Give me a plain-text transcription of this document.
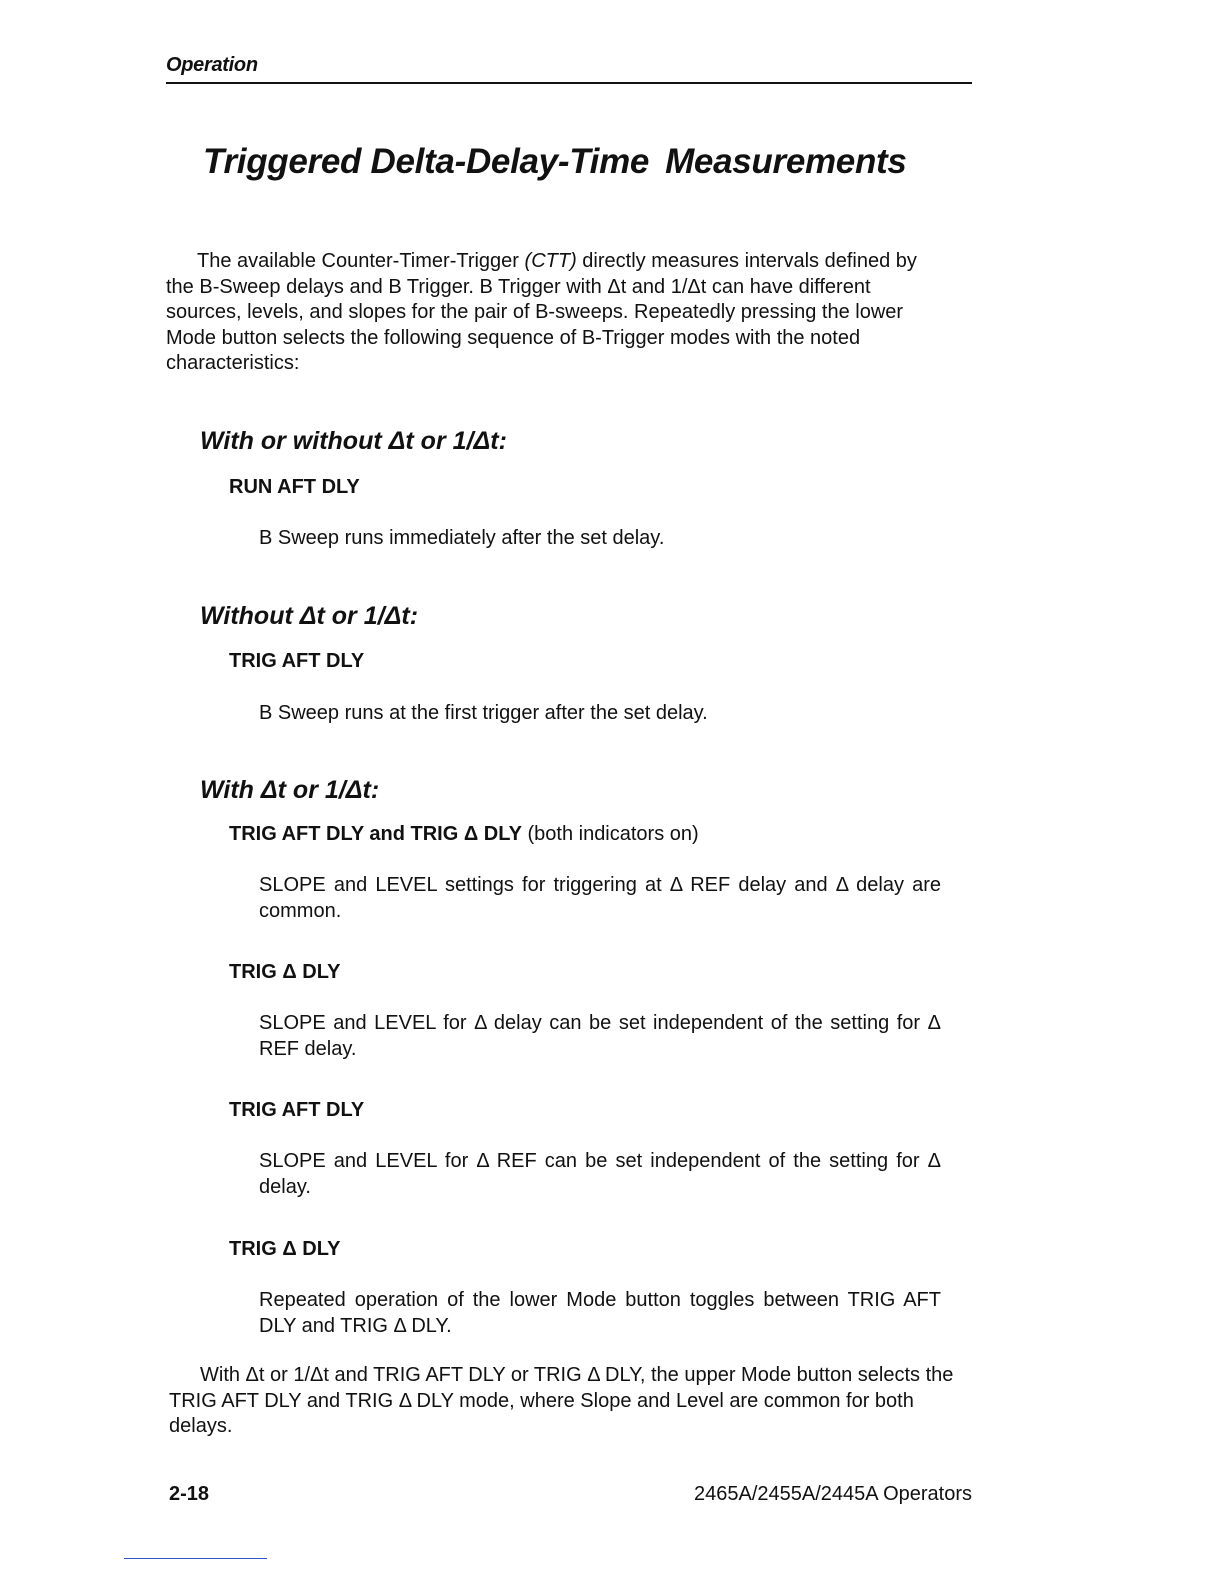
Operation
Triggered Delta-Delay-Time Measurements
The available Counter-Timer-Trigger (CTT) directly measures intervals defined by the B-Sweep delays and B Trigger. B Trigger with Δt and 1/Δt can have different sources, levels, and slopes for the pair of B-sweeps. Repeatedly pressing the lower Mode button selects the following sequence of B-Trigger modes with the noted characteristics:
With or without Δt or 1/Δt:
RUN AFT DLY
B Sweep runs immediately after the set delay.
Without Δt or 1/Δt:
TRIG AFT DLY
B Sweep runs at the first trigger after the set delay.
With Δt or 1/Δt:
TRIG AFT DLY and TRIG Δ DLY (both indicators on)
SLOPE and LEVEL settings for triggering at Δ REF delay and Δ delay are common.
TRIG Δ DLY
SLOPE and LEVEL for Δ delay can be set independent of the setting for Δ REF delay.
TRIG AFT DLY
SLOPE and LEVEL for Δ REF can be set independent of the setting for Δ delay.
TRIG Δ DLY
Repeated operation of the lower Mode button toggles between TRIG AFT DLY and TRIG Δ DLY.
With Δt or 1/Δt and TRIG AFT DLY or TRIG Δ DLY, the upper Mode button selects the TRIG AFT DLY and TRIG Δ DLY mode, where Slope and Level are common for both delays.
2-18	2465A/2455A/2445A Operators
